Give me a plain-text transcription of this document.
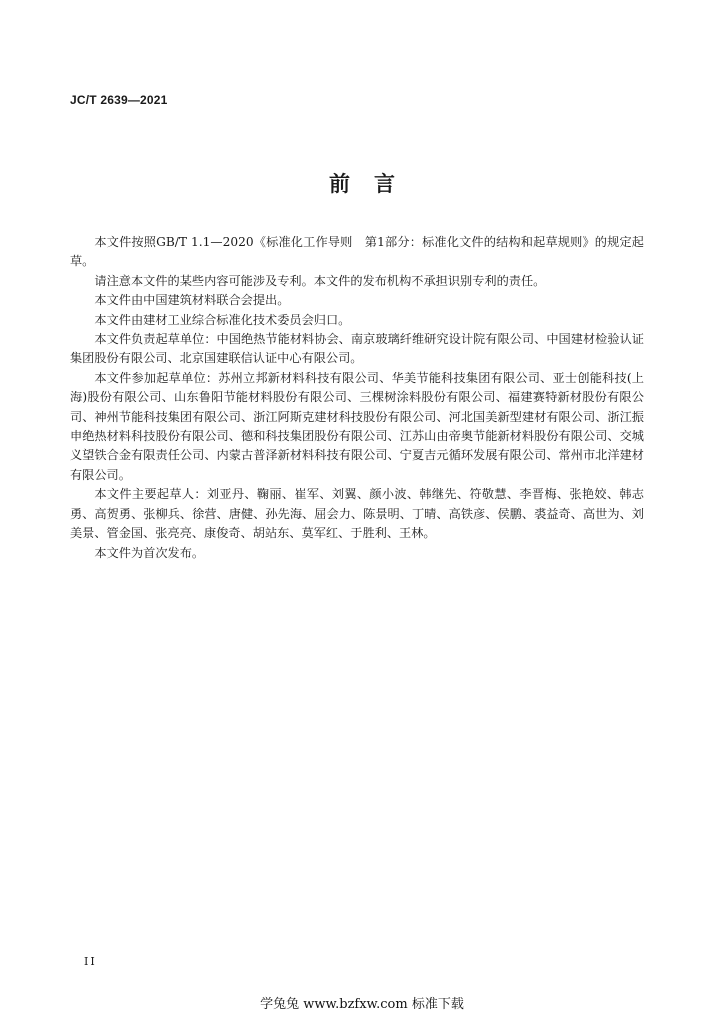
JC/T 2639—2021
前言

本文件按照GB/T 1.1—2020《标准化工作导则　第1部分：标准化文件的结构和起草规则》的规定起草。

请注意本文件的某些内容可能涉及专利。本文件的发布机构不承担识别专利的责任。

本文件由中国建筑材料联合会提出。

本文件由建材工业综合标准化技术委员会归口。

本文件负责起草单位：中国绝热节能材料协会、南京玻璃纤维研究设计院有限公司、中国建材检验认证集团股份有限公司、北京国建联信认证中心有限公司。

本文件参加起草单位：苏州立邦新材料科技有限公司、华美节能科技集团有限公司、亚士创能科技(上海)股份有限公司、山东鲁阳节能材料股份有限公司、三棵树涂料股份有限公司、福建赛特新材股份有限公司、神州节能科技集团有限公司、浙江阿斯克建材科技股份有限公司、河北国美新型建材有限公司、浙江振申绝热材料科技股份有限公司、德和科技集团股份有限公司、江苏山由帝奥节能新材料股份有限公司、交城义望铁合金有限责任公司、内蒙古普泽新材料科技有限公司、宁夏吉元循环发展有限公司、常州市北洋建材有限公司。

本文件主要起草人：刘亚丹、鞠丽、崔军、刘翼、颜小波、韩继先、符敬慧、李晋梅、张艳姣、韩志勇、高贺勇、张柳兵、徐营、唐健、孙先海、屈会力、陈景明、丁晴、高铁彦、侯鹏、裘益奇、高世为、刘美景、管金国、张亮亮、康俊奇、胡站东、莫军红、于胜利、王林。

本文件为首次发布。

II
学兔兔 www.bzfxw.com 标准下载
